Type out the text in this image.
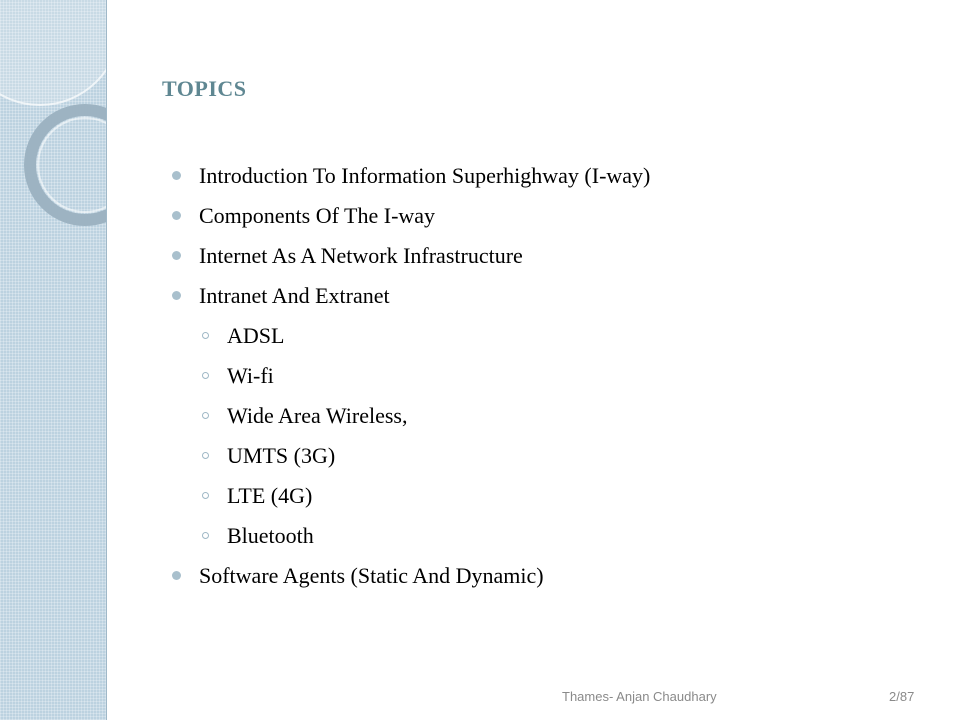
TOPICS
Introduction To Information Superhighway (I-way)
Components Of The I-way
Internet As A Network Infrastructure
Intranet And Extranet
ADSL
Wi-fi
Wide Area Wireless,
UMTS (3G)
LTE (4G)
Bluetooth
Software Agents (Static And Dynamic)
Thames- Anjan Chaudhary	2/87
